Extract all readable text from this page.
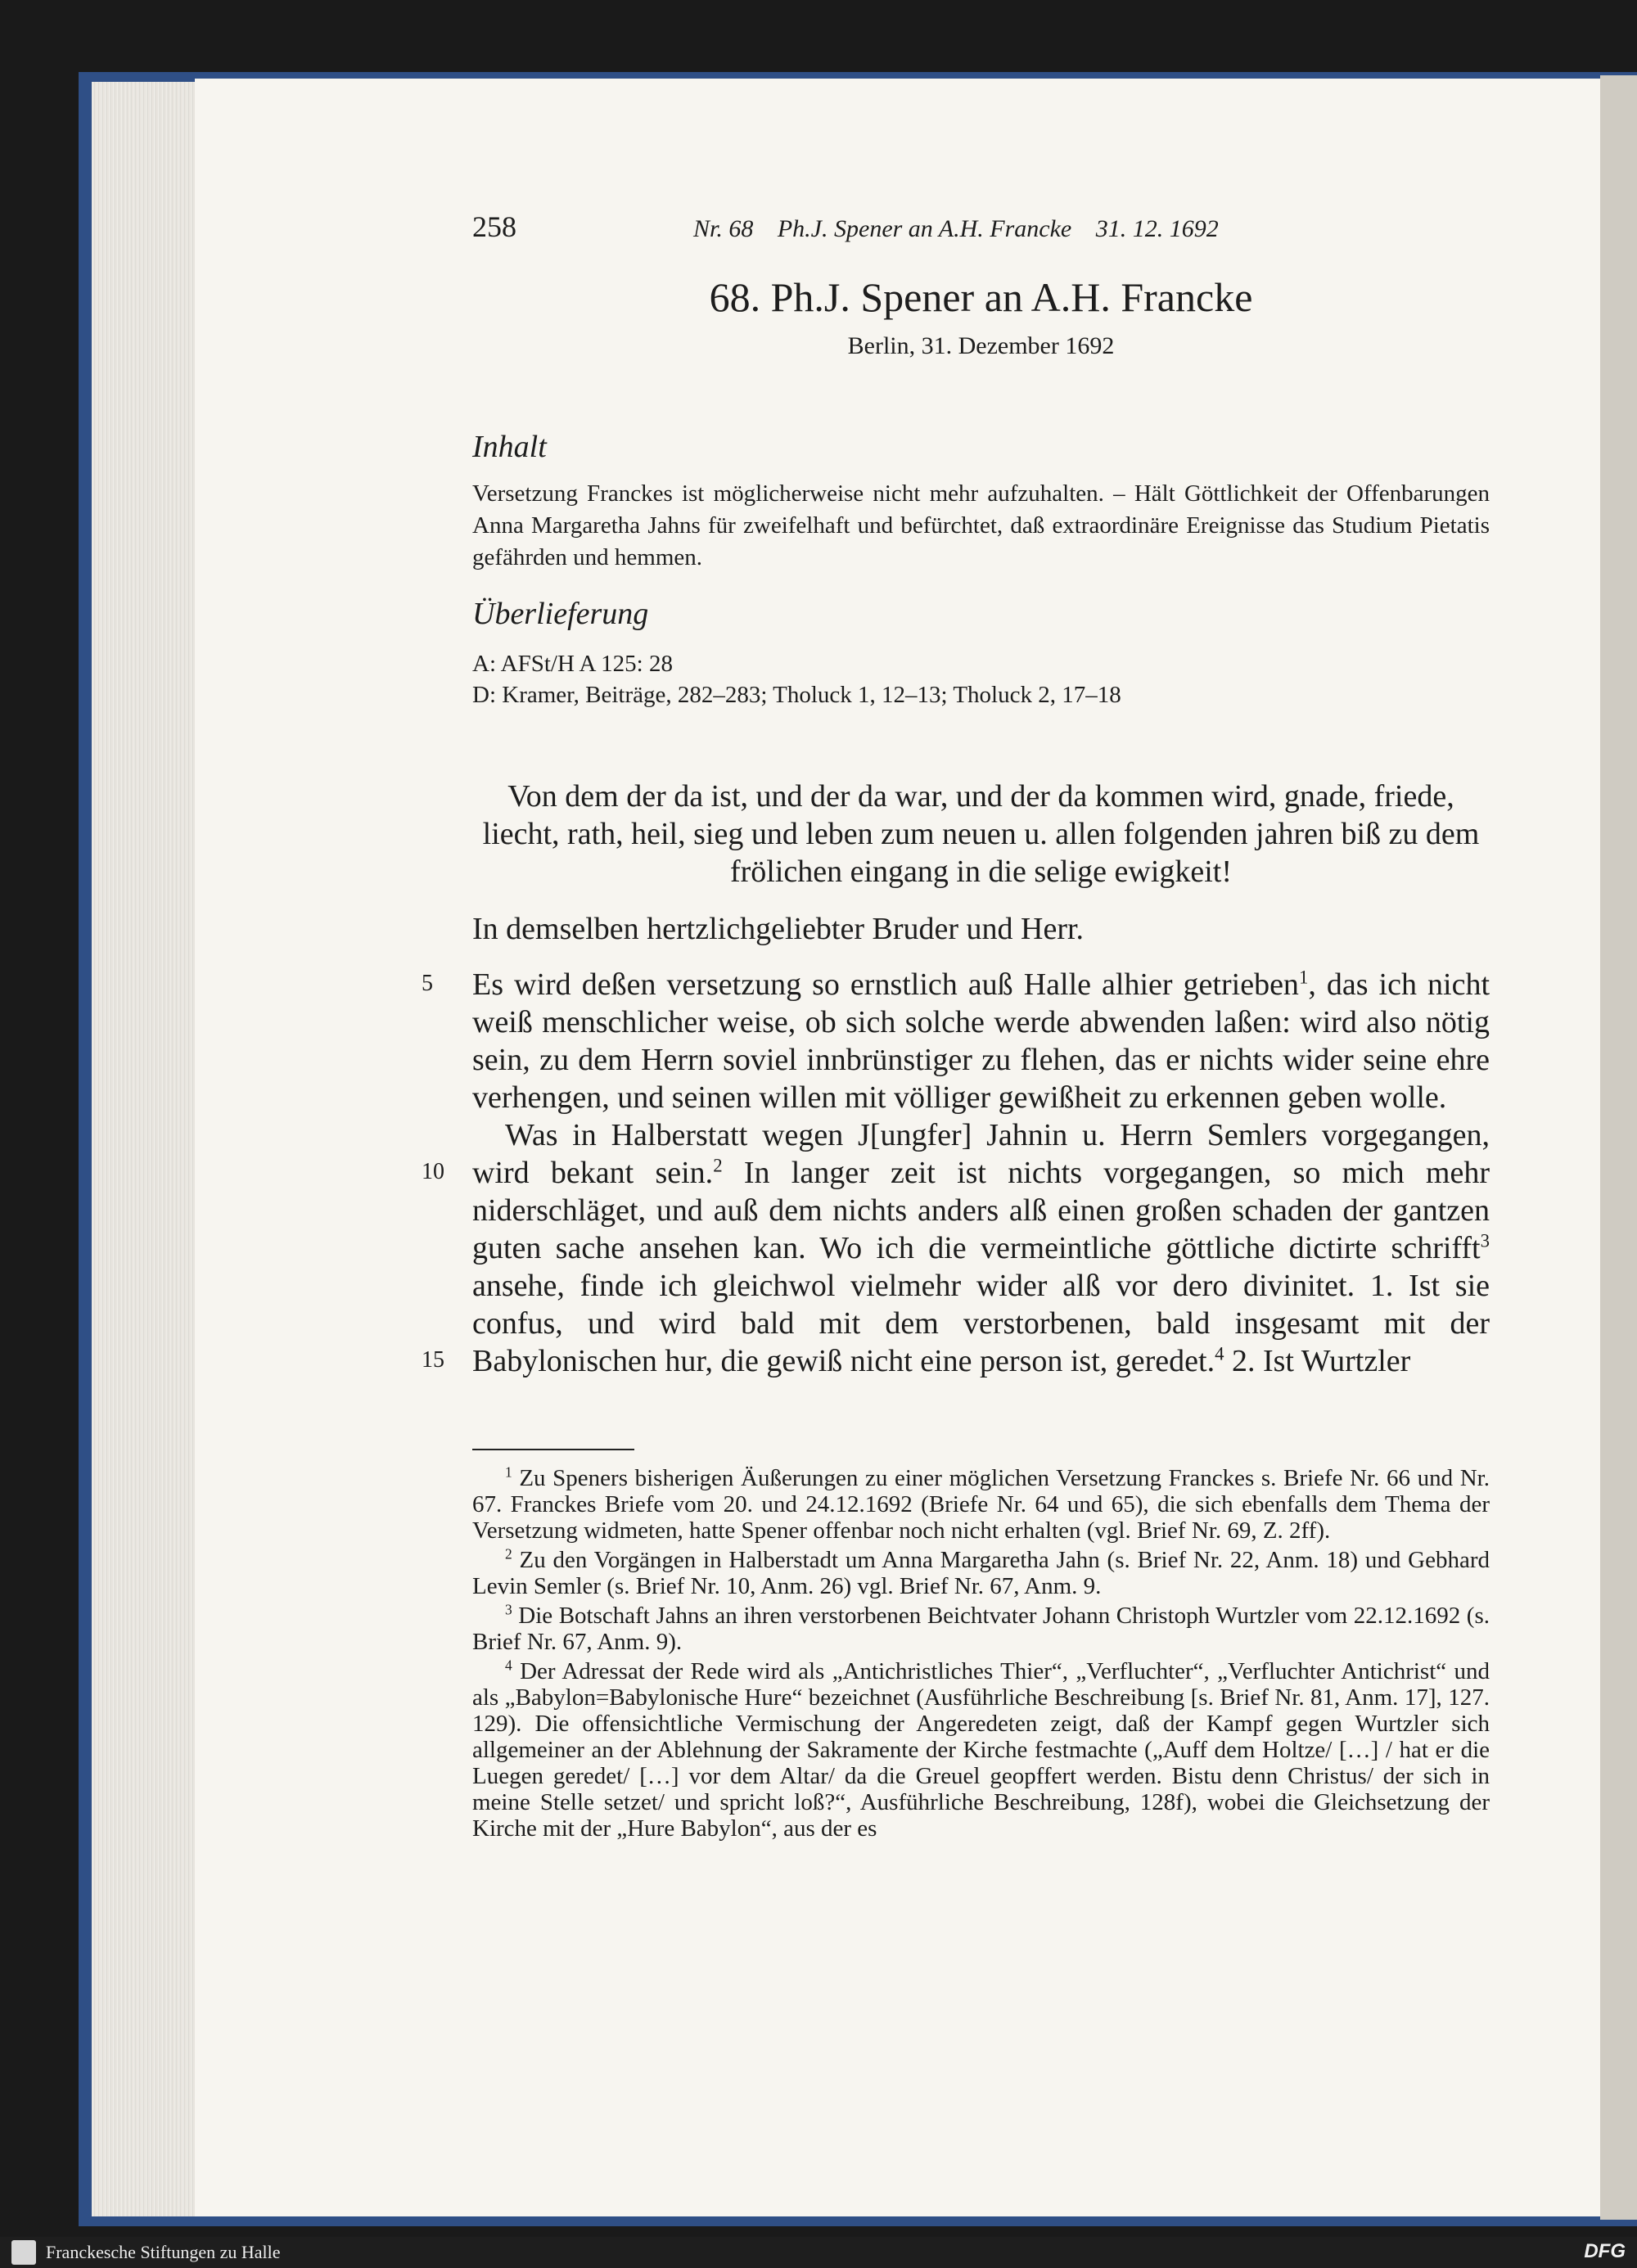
258	Nr. 68 Ph.J. Spener an A.H. Francke 31. 12. 1692
68. Ph.J. Spener an A.H. Francke
Berlin, 31. Dezember 1692
Inhalt
Versetzung Franckes ist möglicherweise nicht mehr aufzuhalten. – Hält Göttlichkeit der Offenbarungen Anna Margaretha Jahns für zweifelhaft und befürchtet, daß extraordinäre Ereignisse das Studium Pietatis gefährden und hemmen.
Überlieferung
A: AFSt/H A 125: 28
D: Kramer, Beiträge, 282–283; Tholuck 1, 12–13; Tholuck 2, 17–18
Von dem der da ist, und der da war, und der da kommen wird, gnade, friede, liecht, rath, heil, sieg und leben zum neuen u. allen folgenden jahren biß zu dem frölichen eingang in die selige ewigkeit!
In demselben hertzlichgeliebter Bruder und Herr.

Es wird deßen versetzung so ernstlich auß Halle alhier getrieben$^1$, das ich nicht weiß menschlicher weise, ob sich solche werde abwenden laßen: wird also nötig sein, zu dem Herrn soviel innbrünstiger zu flehen, das er nichts wider seine ehre verhengen, und seinen willen mit völliger gewißheit zu erkennen geben wolle.

Was in Halberstatt wegen J[ungfer] Jahnin u. Herrn Semlers vorgegangen, wird bekant sein.$^2$ In langer zeit ist nichts vorgegangen, so mich mehr niderschläget, und auß dem nichts anders alß einen großen schaden der gantzen guten sache ansehen kan. Wo ich die vermeintliche göttliche dictirte schrifft$^3$ ansehe, finde ich gleichwol vielmehr wider alß vor dero divinitet. 1. Ist sie confus, und wird bald mit dem verstorbenen, bald insgesamt mit der Babylonischen hur, die gewiß nicht eine person ist, geredet.$^4$ 2. Ist Wurtzler

5
10
15

$^1$ Zu Speners bisherigen Äußerungen zu einer möglichen Versetzung Franckes s. Briefe Nr. 66 und Nr. 67. Franckes Briefe vom 20. und 24.12.1692 (Briefe Nr. 64 und 65), die sich ebenfalls dem Thema der Versetzung widmeten, hatte Spener offenbar noch nicht erhalten (vgl. Brief Nr. 69, Z. 2ff).

$^2$ Zu den Vorgängen in Halberstadt um Anna Margaretha Jahn (s. Brief Nr. 22, Anm. 18) und Gebhard Levin Semler (s. Brief Nr. 10, Anm. 26) vgl. Brief Nr. 67, Anm. 9.

$^3$ Die Botschaft Jahns an ihren verstorbenen Beichtvater Johann Christoph Wurtzler vom 22.12.1692 (s. Brief Nr. 67, Anm. 9).

$^4$ Der Adressat der Rede wird als „Antichristliches Thier“, „Verfluchter“, „Verfluchter Antichrist“ und als „Babylon=Babylonische Hure“ bezeichnet (Ausführliche Beschreibung [s. Brief Nr. 81, Anm. 17], 127. 129). Die offensichtliche Vermischung der Angeredeten zeigt, daß der Kampf gegen Wurtzler sich allgemeiner an der Ablehnung der Sakramente der Kirche festmachte („Auff dem Holtze/ […] / hat er die Luegen geredet/ […] vor dem Altar/ da die Greuel geopffert werden. Bistu denn Christus/ der sich in meine Stelle setzet/ und spricht loß?“, Ausführliche Beschreibung, 128f), wobei die Gleichsetzung der Kirche mit der „Hure Babylon“, aus der es

Franckesche Stiftungen zu Halle	DFG
